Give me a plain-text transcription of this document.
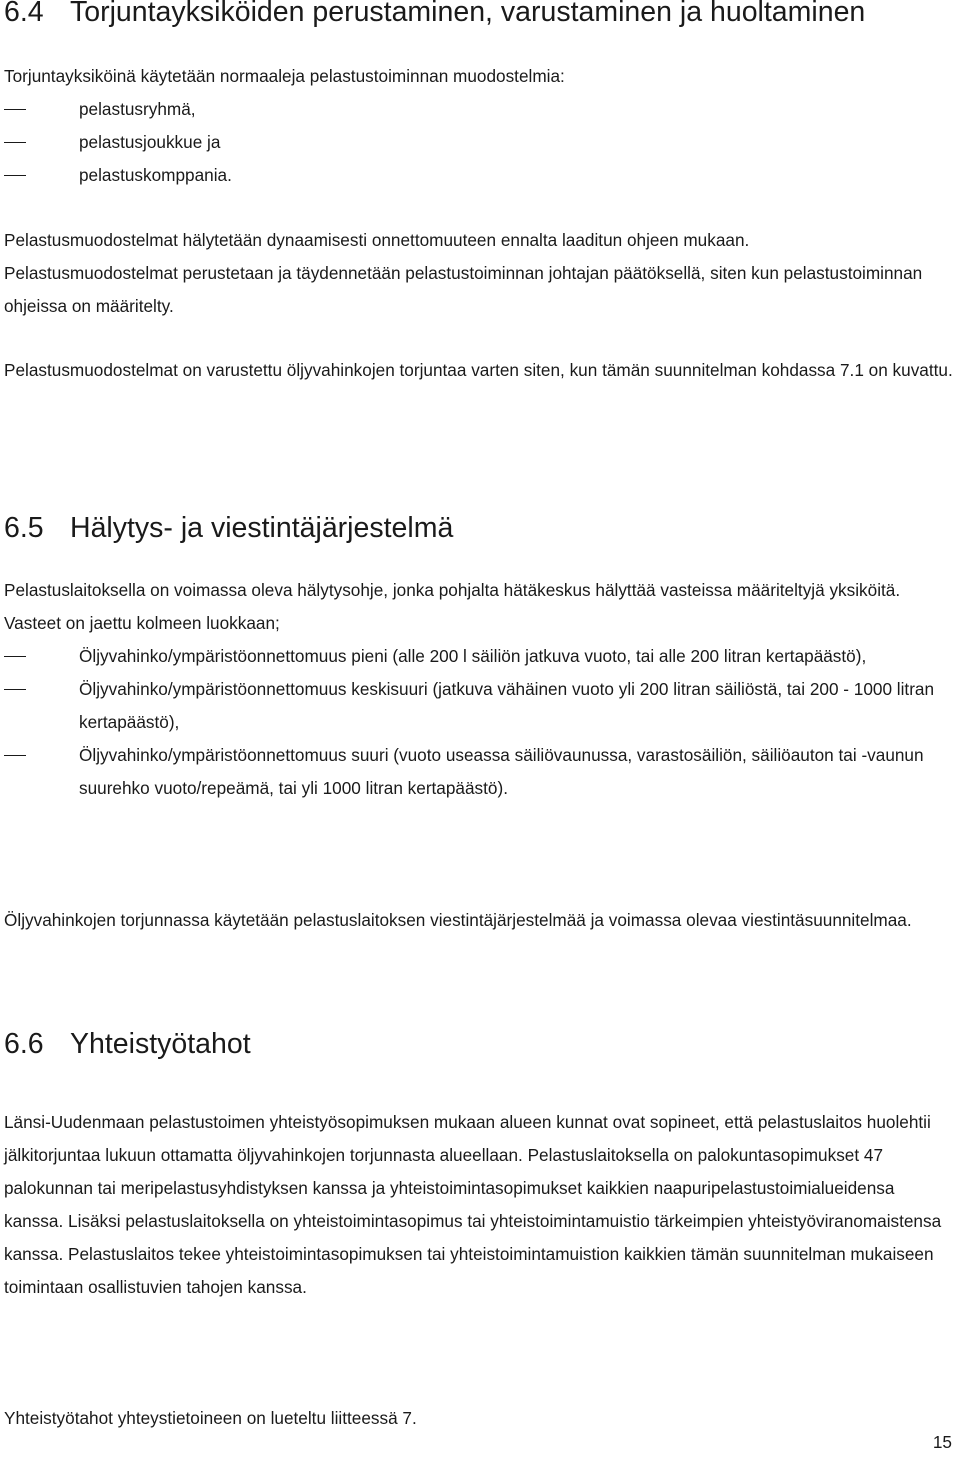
6.4 Torjuntayksiköiden perustaminen, varustaminen ja huoltaminen

Torjuntayksiköinä käytetään normaaleja pelastustoiminnan muodostelmia:

pelastusryhmä,
pelastusjoukkue ja
pelastuskomppania.

Pelastusmuodostelmat hälytetään dynaamisesti onnettomuuteen ennalta laaditun ohjeen mukaan.

Pelastusmuodostelmat perustetaan ja täydennetään pelastustoiminnan johtajan päätöksellä, siten kun pelastustoiminnan ohjeissa on määritelty.

Pelastusmuodostelmat on varustettu öljyvahinkojen torjuntaa varten siten, kun tämän suunnitelman kohdassa 7.1 on kuvattu.

6.5 Hälytys- ja viestintäjärjestelmä

Pelastuslaitoksella on voimassa oleva hälytysohje, jonka pohjalta hätäkeskus hälyttää vasteissa määriteltyjä yksiköitä.

Vasteet on jaettu kolmeen luokkaan;

Öljyvahinko/ympäristöonnettomuus pieni (alle 200 l säiliön jatkuva vuoto, tai alle 200 litran kertapäästö),
Öljyvahinko/ympäristöonnettomuus keskisuuri (jatkuva vähäinen vuoto yli 200 litran säiliöstä, tai 200 - 1000 litran kertapäästö),
Öljyvahinko/ympäristöonnettomuus suuri (vuoto useassa säiliövaunussa, varastosäiliön, säiliöauton tai -vaunun suurehko vuoto/repeämä, tai yli 1000 litran kertapäästö).

Öljyvahinkojen torjunnassa käytetään pelastuslaitoksen viestintäjärjestelmää ja voimassa olevaa viestintäsuunnitelmaa.

6.6 Yhteistyötahot

Länsi-Uudenmaan pelastustoimen yhteistyösopimuksen mukaan alueen kunnat ovat sopineet, että pelastuslaitos huolehtii jälkitorjuntaa lukuun ottamatta öljyvahinkojen torjunnasta alueellaan. Pelastuslaitoksella on palokuntasopimukset 47 palokunnan tai meripelastusyhdistyksen kanssa ja yhteistoimintasopimukset kaikkien naapuripelastustoimialueidensa kanssa. Lisäksi pelastuslaitoksella on yhteistoimintasopimus tai yhteistoimintamuistio tärkeimpien yhteistyöviranomaistensa kanssa. Pelastuslaitos tekee yhteistoimintasopimuksen tai yhteistoimintamuistion kaikkien tämän suunnitelman mukaiseen toimintaan osallistuvien tahojen kanssa.

Yhteistyötahot yhteystietoineen on lueteltu liitteessä 7.

15
